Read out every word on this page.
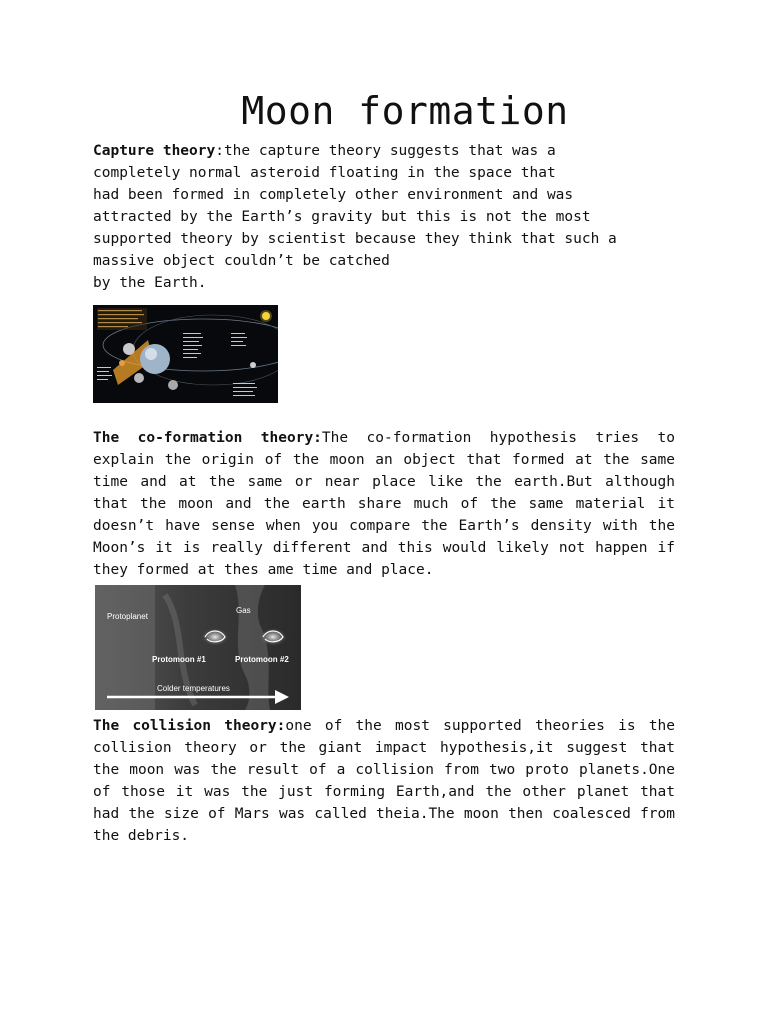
Moon formation
Capture theory:the capture theory suggests that was a
completely normal asteroid floating in the space that
had been formed in completely other environment and was
attracted by the Earth’s gravity but this is not the most
supported theory by scientist because they think that such a
massive object couldn’t be catched
by the Earth.

The co-formation theory:The co-formation hypothesis tries to explain the origin of the moon an object that formed at the same time and at the same or near place like the earth.But although that the moon and the earth share much of the same material it doesn’t have sense when you compare the Earth’s density with the Moon’s it is really different and this would likely not happen if they formed at thes ame time and place.

Protoplanet
Gas
Protomoon #1	Protomoon #2
Colder temperatures

The collision theory:one of the most supported theories is the collision theory or the giant impact hypothesis,it suggest that the moon was the result of a collision from two proto planets.One of those it was the just forming Earth,and the other planet that had the size of Mars was called theia.The moon then coalesced from the debris.
